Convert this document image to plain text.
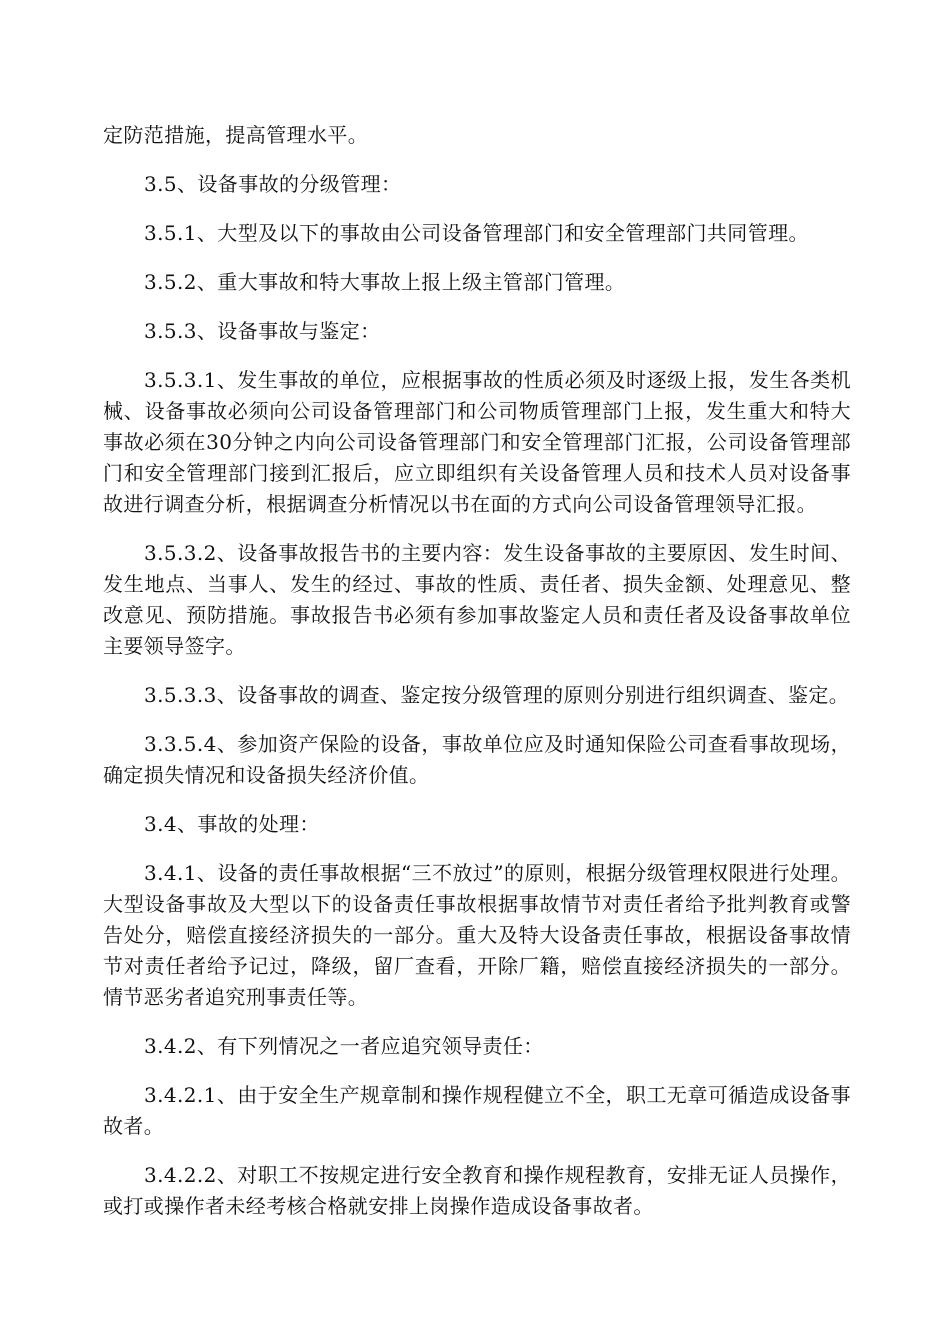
定防范措施，提高管理水平。

3.5、设备事故的分级管理：

3.5.1、大型及以下的事故由公司设备管理部门和安全管理部门共同管理。

3.5.2、重大事故和特大事故上报上级主管部门管理。

3.5.3、设备事故与鉴定：

3.5.3.1、发生事故的单位，应根据事故的性质必须及时逐级上报，发生各类机械、设备事故必须向公司设备管理部门和公司物质管理部门上报，发生重大和特大事故必须在30分钟之内向公司设备管理部门和安全管理部门汇报，公司设备管理部门和安全管理部门接到汇报后，应立即组织有关设备管理人员和技术人员对设备事故进行调查分析，根据调查分析情况以书在面的方式向公司设备管理领导汇报。

3.5.3.2、设备事故报告书的主要内容：发生设备事故的主要原因、发生时间、发生地点、当事人、发生的经过、事故的性质、责任者、损失金额、处理意见、整改意见、预防措施。事故报告书必须有参加事故鉴定人员和责任者及设备事故单位主要领导签字。

3.5.3.3、设备事故的调查、鉴定按分级管理的原则分别进行组织调查、鉴定。

3.3.5.4、参加资产保险的设备，事故单位应及时通知保险公司查看事故现场，确定损失情况和设备损失经济价值。

3.4、事故的处理：

3.4.1、设备的责任事故根据“三不放过”的原则，根据分级管理权限进行处理。大型设备事故及大型以下的设备责任事故根据事故情节对责任者给予批判教育或警告处分，赔偿直接经济损失的一部分。重大及特大设备责任事故，根据设备事故情节对责任者给予记过，降级，留厂查看，开除厂籍，赔偿直接经济损失的一部分。情节恶劣者追究刑事责任等。

3.4.2、有下列情况之一者应追究领导责任：

3.4.2.1、由于安全生产规章制和操作规程健立不全，职工无章可循造成设备事故者。

3.4.2.2、对职工不按规定进行安全教育和操作规程教育，安排无证人员操作，或打或操作者未经考核合格就安排上岗操作造成设备事故者。
